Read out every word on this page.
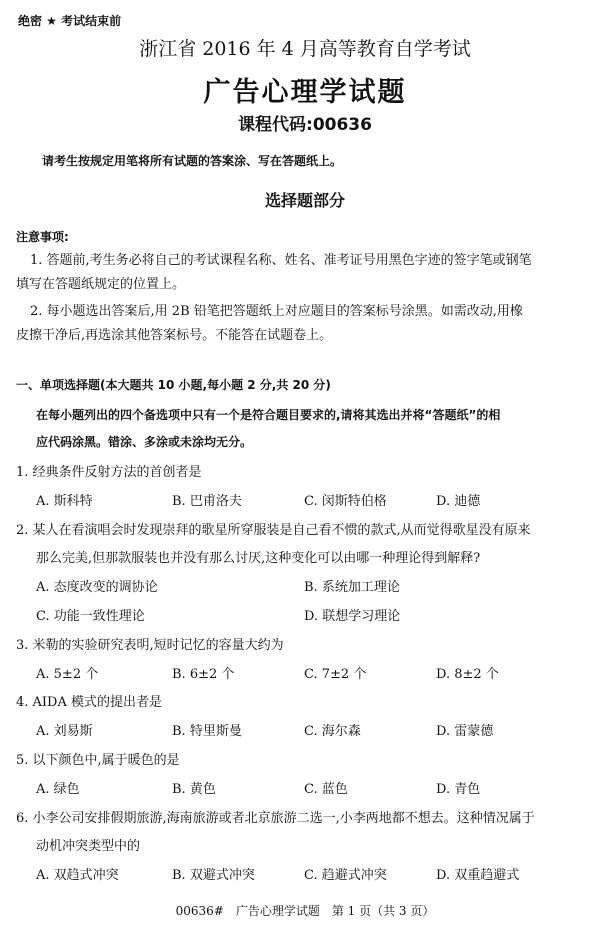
绝密 ★ 考试结束前
浙江省 2016 年 4 月高等教育自学考试
广告心理学试题
课程代码:00636
请考生按规定用笔将所有试题的答案涂、写在答题纸上。
选择题部分
注意事项:
1. 答题前,考生务必将自己的考试课程名称、姓名、准考证号用黑色字迹的签字笔或钢笔
填写在答题纸规定的位置上。
2. 每小题选出答案后,用 2B 铅笔把答题纸上对应题目的答案标号涂黑。如需改动,用橡
皮擦干净后,再选涂其他答案标号。不能答在试题卷上。
一、单项选择题(本大题共 10 小题,每小题 2 分,共 20 分)
在每小题列出的四个备选项中只有一个是符合题目要求的,请将其选出并将“答题纸”的相
应代码涂黑。错涂、多涂或未涂均无分。
1. 经典条件反射方法的首创者是
A. 斯科特	B. 巴甫洛夫	C. 闵斯特伯格	D. 迪德
2. 某人在看演唱会时发现崇拜的歌星所穿服装是自己看不惯的款式,从而觉得歌星没有原来
那么完美,但那款服装也并没有那么讨厌,这种变化可以由哪一种理论得到解释?
A. 态度改变的调协论	B. 系统加工理论
C. 功能一致性理论	D. 联想学习理论
3. 米勒的实验研究表明,短时记忆的容量大约为
A. 5±2 个	B. 6±2 个	C. 7±2 个	D. 8±2 个
4. AIDA 模式的提出者是
A. 刘易斯	B. 特里斯曼	C. 海尔森	D. 雷蒙德
5. 以下颜色中,属于暖色的是
A. 绿色	B. 黄色	C. 蓝色	D. 青色
6. 小李公司安排假期旅游,海南旅游或者北京旅游二选一,小李两地都不想去。这种情况属于
动机冲突类型中的
A. 双趋式冲突	B. 双避式冲突	C. 趋避式冲突	D. 双重趋避式
00636#　广告心理学试题　第 1 页（共 3 页）
